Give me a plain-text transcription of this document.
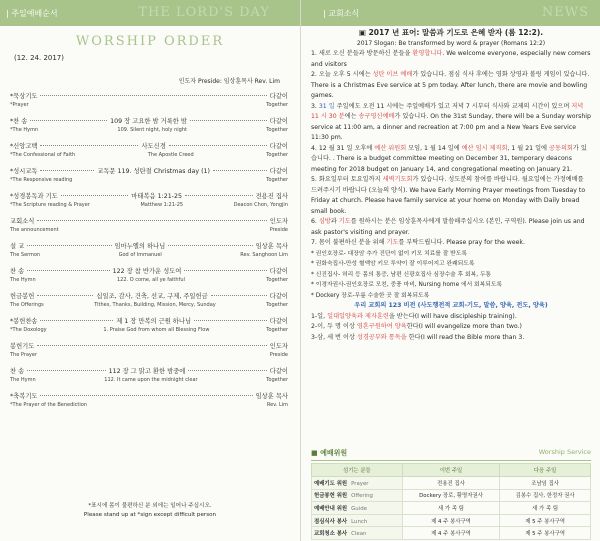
| 주일예배순서	THE LORD'S DAY
WORSHIP ORDER
(12. 24. 2017)
인도자 Preside: 임상훈목사 Rev. Lim
*묵상기도	다같이
*Prayer	Together
*찬 송	109 장 고요한 밤 거룩한 밤	다같이
*The Hymn	109. Silent night, holy night	Together
*신앙고백	사도신경	다같이
*The Confessional of Faith	The Apostle Creed	Together
*성시교독	교독문 119. 성탄절 Christmas day (1)	다같이
*The Responsive reading	Together
*성경봉독과 기도	마태복음 1:21-25	전용진 집사
*The Scripture reading & Prayer	Matthew 1:21-25	Deacon Chon, Yongjin
교회소식	인도자
The announcement	Preside
설 교	임마누엘의 하나님	임상훈 목사
The Sermon	God of Immanuel	Rev. Sanghoon Lim
찬 송	122 장 참 반가운 성도여	다같이
The Hymn	122. O come, all ye faithful	Together
헌금봉헌	십일조, 감사, 건축, 선교, 구제, 주일헌금	다같이
The Offerings	Tithes, Thanks, Building, Mission, Mercy, Sunday	Together
*봉헌찬송	제 1 장 만복의 근원 하나님	다같이
*The Doxology	1. Praise God from whom all Blessing Flow	Together
봉헌기도	인도자
The Prayer	Preside
찬 송	112 장 그 맑고 환한 밤중에	다같이
The Hymn	112. It came upon the midnight clear	Together
*축복기도	임상훈 목사
*The Prayer of the Benediction	Rev. Lim
*표시에 몸이 불편하신 분 외에는 일어나 주십시오.
Please stand up at *sign except difficult person
| 교회소식	NEWS

▣ 2017 년 표어: 말씀과 기도로 은혜 받자 (롬 12:2).

2017 Slogan: Be transformed by word & prayer (Romans 12:2)

1. 새로 오신 분들과 방문하신 분들을 환영합니다. We welcome everyone, especially new comers and visitors

2. 오늘 오후 5 시에는 성탄 이브 예배가 있습니다. 점심 식사 후에는 영화 상영과 볼링 게임이 있습니다. There is a Christmas Eve service at 5 pm today. After lunch, there are movie and bowling games.

3. 31 일 주일에도 오전 11 시에는 주일예배가 있고 저녁 7 시부터 식사와 교제의 시간이 있으며 저녁 11 시 30 분에는 송구영신예배가 있습니다. On the 31st Sunday, there will be a Sunday worship service at 11:00 am, a dinner and recreation at 7:00 pm and a New Years Eve service 11:30 pm.

4. 12 월 31 일 오후에 예산 위원회 모임, 1 월 14 일에 예산 임시 제직회, 1 월 21 일에 공동의회가 있습니다. . There is a budget committee meeting on December 31, temporary deacons meeting for 2018 budget on January 14, and congregational meeting on January 21.

5. 화요일부터 토요일까지 새벽기도회가 있습니다. 성도분의 참여를 바랍니다. 월요일에는 가정예배를 드려주시기 바랍니다 (오늘의 양식). We have Early Morning Prayer meetings from Tuesday to Friday at church. Please have family service at your home on Monday with Daily bread small book.

6. 심방과 기도를 원하시는 분은 임상훈목사에게 말씀해주십시오 (본인, 구역원). Please join us and ask pastor's visiting and prayer.

7. 몸이 불편하신 분을 위해 기도를 부탁드립니다. Please pray for the week.

* 권인호장로- 대장암 추가 진단이 없이 키모 치료를 잘 받도록

* 권화숙집사-만성 혈액암 키모 투약이 잘 이루어지고 완쾌되도록

* 신진집사- 허리 등 몸의 통증, 남편 신광호집사 심장수술 후 회복, 두통

* 이경자권사-권인호장로 모친, 중풍 마비, Nursing home 에서 회복되도록

* Dockery 장로-무릎 수술한 곳 잘 회복되도록

우리 교회의 123 비전 (사도행전적 교회-기도, 말씀, 양육, 전도, 양육)

1-일, 일대일양육과 제자훈련을 받는다(I will have discipleship training).

2-이, 두 명 이상 영혼구원하여 양육한다(I will evangelize more than two.)

3-삼, 세 번 이상 성경공부와 통독을 한다(I will read the Bible more than 3.

■ 예배위원	Worship Service
섬기는 분들	이번 주일	다음 주일
예배기도 위원 Prayer	전용진 집사	조남임 집사
헌금봉헌 위원 Offering	Dockery 장로, 황명자권사	김봉수 집사, 한정자 권사
예배안내 위원 Guide	새 가 족 팀	새 가 족 팀
점심식사 봉사 Lunch	제 4 주 봉사구역	제 5 주 봉사구역
교회청소 봉사 Clean	제 4 주 봉사구역	제 5 주 봉사구역
